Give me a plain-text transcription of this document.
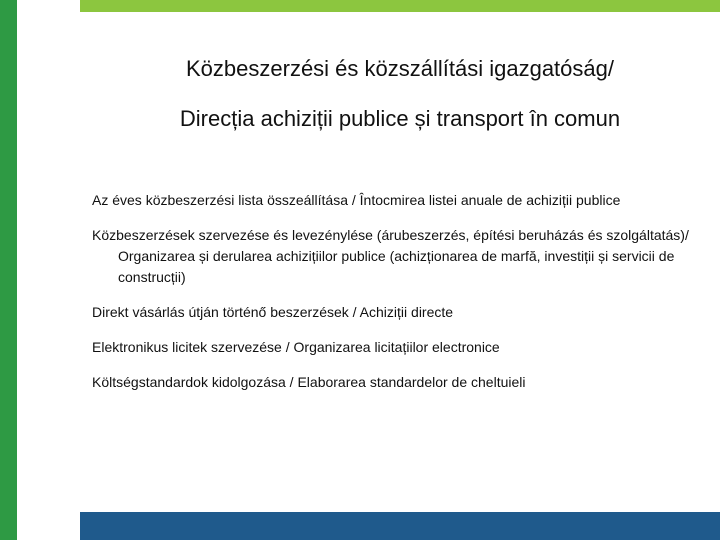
Közbeszerzési és közszállítási igazgatóság/
Direcția achiziții publice și transport în comun
Az éves közbeszerzési lista összeállítása / Întocmirea listei anuale de achiziții publice
Közbeszerzések szervezése és levezénylése (árubeszerzés, építési beruházás és szolgáltatás)/ Organizarea și derularea achizițiilor publice (achizționarea de marfă, investiții și servicii de construcții)
Direkt vásárlás útján történő beszerzések / Achiziții directe
Elektronikus licitek szervezése / Organizarea licitațiilor electronice
Költségstandardok kidolgozása / Elaborarea standardelor de cheltuieli
